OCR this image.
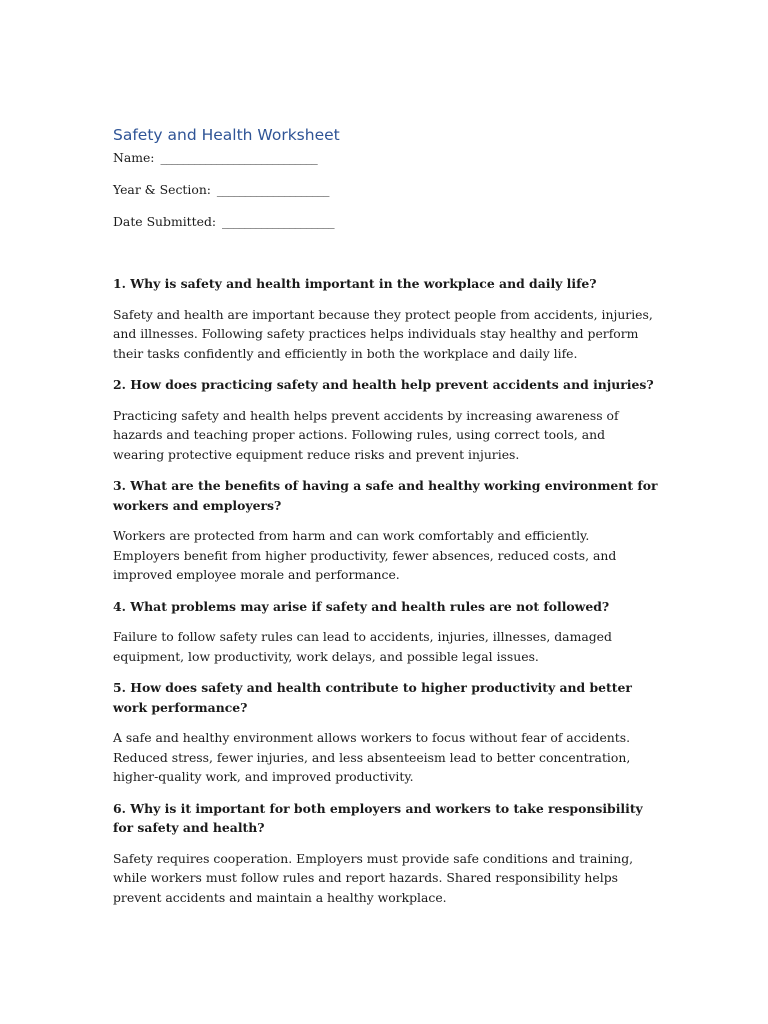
Safety and Health Worksheet

Name: ____________________________

Year & Section: ____________________

Date Submitted: ____________________

1. Why is safety and health important in the workplace and daily life?

Safety and health are important because they protect people from accidents, injuries, and illnesses. Following safety practices helps individuals stay healthy and perform their tasks confidently and efficiently in both the workplace and daily life.

2. How does practicing safety and health help prevent accidents and injuries?

Practicing safety and health helps prevent accidents by increasing awareness of hazards and teaching proper actions. Following rules, using correct tools, and wearing protective equipment reduce risks and prevent injuries.

3. What are the benefits of having a safe and healthy working environment for workers and employers?

Workers are protected from harm and can work comfortably and efficiently. Employers benefit from higher productivity, fewer absences, reduced costs, and improved employee morale and performance.

4. What problems may arise if safety and health rules are not followed?

Failure to follow safety rules can lead to accidents, injuries, illnesses, damaged equipment, low productivity, work delays, and possible legal issues.

5. How does safety and health contribute to higher productivity and better work performance?

A safe and healthy environment allows workers to focus without fear of accidents. Reduced stress, fewer injuries, and less absenteeism lead to better concentration, higher-quality work, and improved productivity.

6. Why is it important for both employers and workers to take responsibility for safety and health?

Safety requires cooperation. Employers must provide safe conditions and training, while workers must follow rules and report hazards. Shared responsibility helps prevent accidents and maintain a healthy workplace.
